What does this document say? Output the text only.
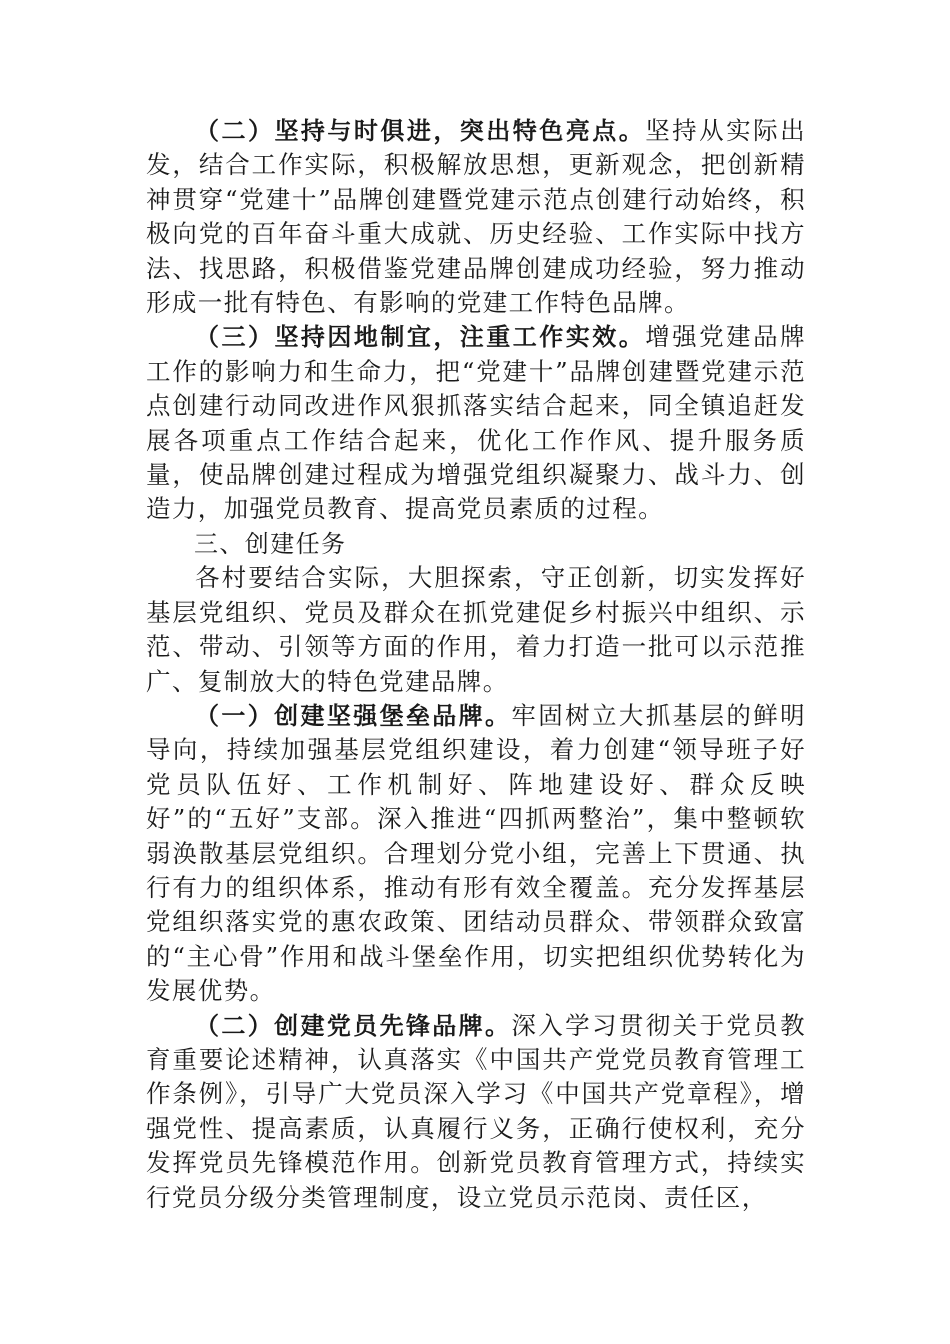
（二）坚持与时俱进，突出特色亮点。坚持从实际出发，结合工作实际，积极解放思想，更新观念，把创新精神贯穿“党建十”品牌创建暨党建示范点创建行动始终，积极向党的百年奋斗重大成就、历史经验、工作实际中找方法、找思路，积极借鉴党建品牌创建成功经验，努力推动形成一批有特色、有影响的党建工作特色品牌。

（三）坚持因地制宜，注重工作实效。增强党建品牌工作的影响力和生命力，把“党建十”品牌创建暨党建示范点创建行动同改进作风狠抓落实结合起来，同全镇追赶发展各项重点工作结合起来，优化工作作风、提升服务质量，使品牌创建过程成为增强党组织凝聚力、战斗力、创造力，加强党员教育、提高党员素质的过程。

三、创建任务

各村要结合实际，大胆探索，守正创新，切实发挥好基层党组织、党员及群众在抓党建促乡村振兴中组织、示范、带动、引领等方面的作用，着力打造一批可以示范推广、复制放大的特色党建品牌。

（一）创建坚强堡垒品牌。牢固树立大抓基层的鲜明导向，持续加强基层党组织建设，着力创建“领导班子好党员队伍好、工作机制好、阵地建设好、群众反映好”的“五好”支部。深入推进“四抓两整治”，集中整顿软弱涣散基层党组织。合理划分党小组，完善上下贯通、执行有力的组织体系，推动有形有效全覆盖。充分发挥基层党组织落实党的惠农政策、团结动员群众、带领群众致富的“主心骨”作用和战斗堡垒作用，切实把组织优势转化为发展优势。

（二）创建党员先锋品牌。深入学习贯彻关于党员教育重要论述精神，认真落实《中国共产党党员教育管理工作条例》，引导广大党员深入学习《中国共产党章程》，增强党性、提高素质，认真履行义务，正确行使权利，充分发挥党员先锋模范作用。创新党员教育管理方式，持续实行党员分级分类管理制度，设立党员示范岗、责任区，
